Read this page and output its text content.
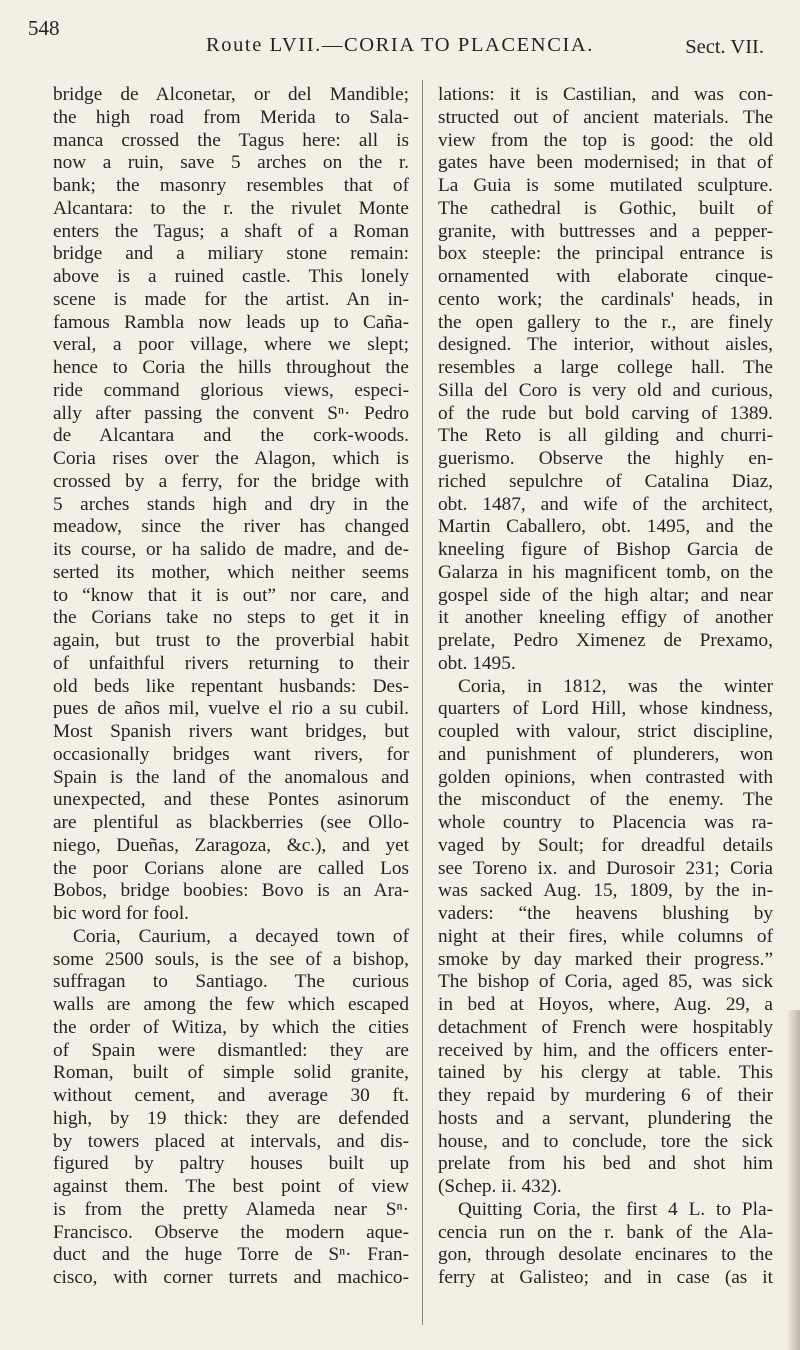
548
Route LVII.—CORIA TO PLACENCIA.	Sect. VII.
bridge de Alconetar, or del Mandible;
the high road from Merida to Sala-
manca crossed the Tagus here: all is
now a ruin, save 5 arches on the r.
bank; the masonry resembles that of
Alcantara: to the r. the rivulet Monte
enters the Tagus; a shaft of a Roman
bridge and a miliary stone remain:
above is a ruined castle. This lonely
scene is made for the artist. An in-
famous Rambla now leads up to Caña-
veral, a poor village, where we slept;
hence to Coria the hills throughout the
ride command glorious views, especi-
ally after passing the convent Sⁿ· Pedro
de Alcantara and the cork-woods.
Coria rises over the Alagon, which is
crossed by a ferry, for the bridge with
5 arches stands high and dry in the
meadow, since the river has changed
its course, or ha salido de madre, and de-
serted its mother, which neither seems
to “know that it is out” nor care, and
the Corians take no steps to get it in
again, but trust to the proverbial habit
of unfaithful rivers returning to their
old beds like repentant husbands: Des-
pues de años mil, vuelve el rio a su cubil.
Most Spanish rivers want bridges, but
occasionally bridges want rivers, for
Spain is the land of the anomalous and
unexpected, and these Pontes asinorum
are plentiful as blackberries (see Ollo-
niego, Dueñas, Zaragoza, &c.), and yet
the poor Corians alone are called Los
Bobos, bridge boobies: Bovo is an Ara-
bic word for fool.
Coria, Caurium, a decayed town of
some 2500 souls, is the see of a bishop,
suffragan to Santiago. The curious
walls are among the few which escaped
the order of Witiza, by which the cities
of Spain were dismantled: they are
Roman, built of simple solid granite,
without cement, and average 30 ft.
high, by 19 thick: they are defended
by towers placed at intervals, and dis-
figured by paltry houses built up
against them. The best point of view
is from the pretty Alameda near Sⁿ·
Francisco. Observe the modern aque-
duct and the huge Torre de Sⁿ· Fran-
cisco, with corner turrets and machico-
lations: it is Castilian, and was con-
structed out of ancient materials. The
view from the top is good: the old
gates have been modernised; in that of
La Guia is some mutilated sculpture.
The cathedral is Gothic, built of
granite, with buttresses and a pepper-
box steeple: the principal entrance is
ornamented with elaborate cinque-
cento work; the cardinals' heads, in
the open gallery to the r., are finely
designed. The interior, without aisles,
resembles a large college hall. The
Silla del Coro is very old and curious,
of the rude but bold carving of 1389.
The Reto is all gilding and churri-
guerismo. Observe the highly en-
riched sepulchre of Catalina Diaz,
obt. 1487, and wife of the architect,
Martin Caballero, obt. 1495, and the
kneeling figure of Bishop Garcia de
Galarza in his magnificent tomb, on the
gospel side of the high altar; and near
it another kneeling effigy of another
prelate, Pedro Ximenez de Prexamo,
obt. 1495.
Coria, in 1812, was the winter
quarters of Lord Hill, whose kindness,
coupled with valour, strict discipline,
and punishment of plunderers, won
golden opinions, when contrasted with
the misconduct of the enemy. The
whole country to Placencia was ra-
vaged by Soult; for dreadful details
see Toreno ix. and Durosoir 231; Coria
was sacked Aug. 15, 1809, by the in-
vaders: “the heavens blushing by
night at their fires, while columns of
smoke by day marked their progress.”
The bishop of Coria, aged 85, was sick
in bed at Hoyos, where, Aug. 29, a
detachment of French were hospitably
received by him, and the officers enter-
tained by his clergy at table. This
they repaid by murdering 6 of their
hosts and a servant, plundering the
house, and to conclude, tore the sick
prelate from his bed and shot him
(Schep. ii. 432).
Quitting Coria, the first 4 L. to Pla-
cencia run on the r. bank of the Ala-
gon, through desolate encinares to the
ferry at Galisteo; and in case (as it
